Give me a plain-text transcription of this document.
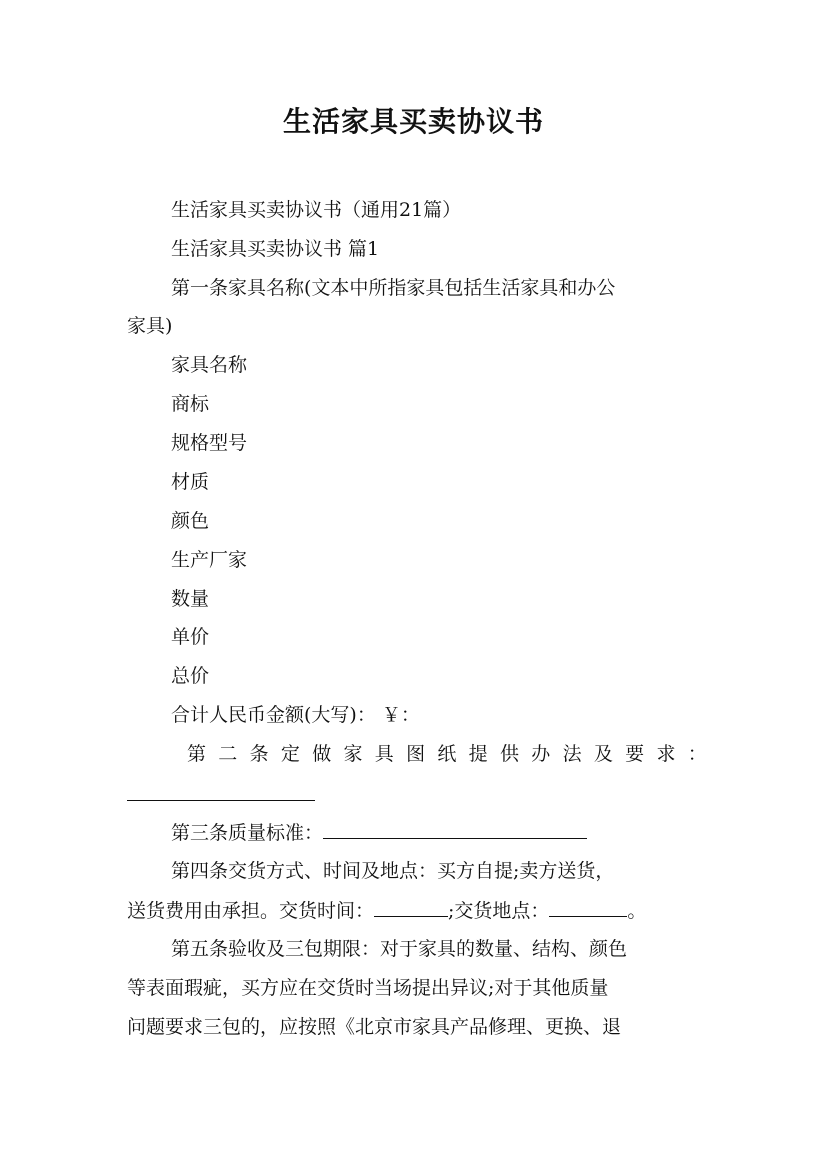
生活家具买卖协议书
生活家具买卖协议书（通用21篇）
生活家具买卖协议书 篇1
第一条家具名称(文本中所指家具包括生活家具和办公
家具)
家具名称
商标
规格型号
材质
颜色
生产厂家
数量
单价
总价
合计人民币金额(大写)： ￥：
第 二 条 定 做 家 具 图 纸 提 供 办 法 及 要 求 ：
第三条质量标准：
第四条交货方式、时间及地点：买方自提;卖方送货，
送货费用由承担。交货时间：	;交货地点：	。
第五条验收及三包期限：对于家具的数量、结构、颜色
等表面瑕疵，买方应在交货时当场提出异议;对于其他质量
问题要求三包的，应按照《北京市家具产品修理、更换、退
